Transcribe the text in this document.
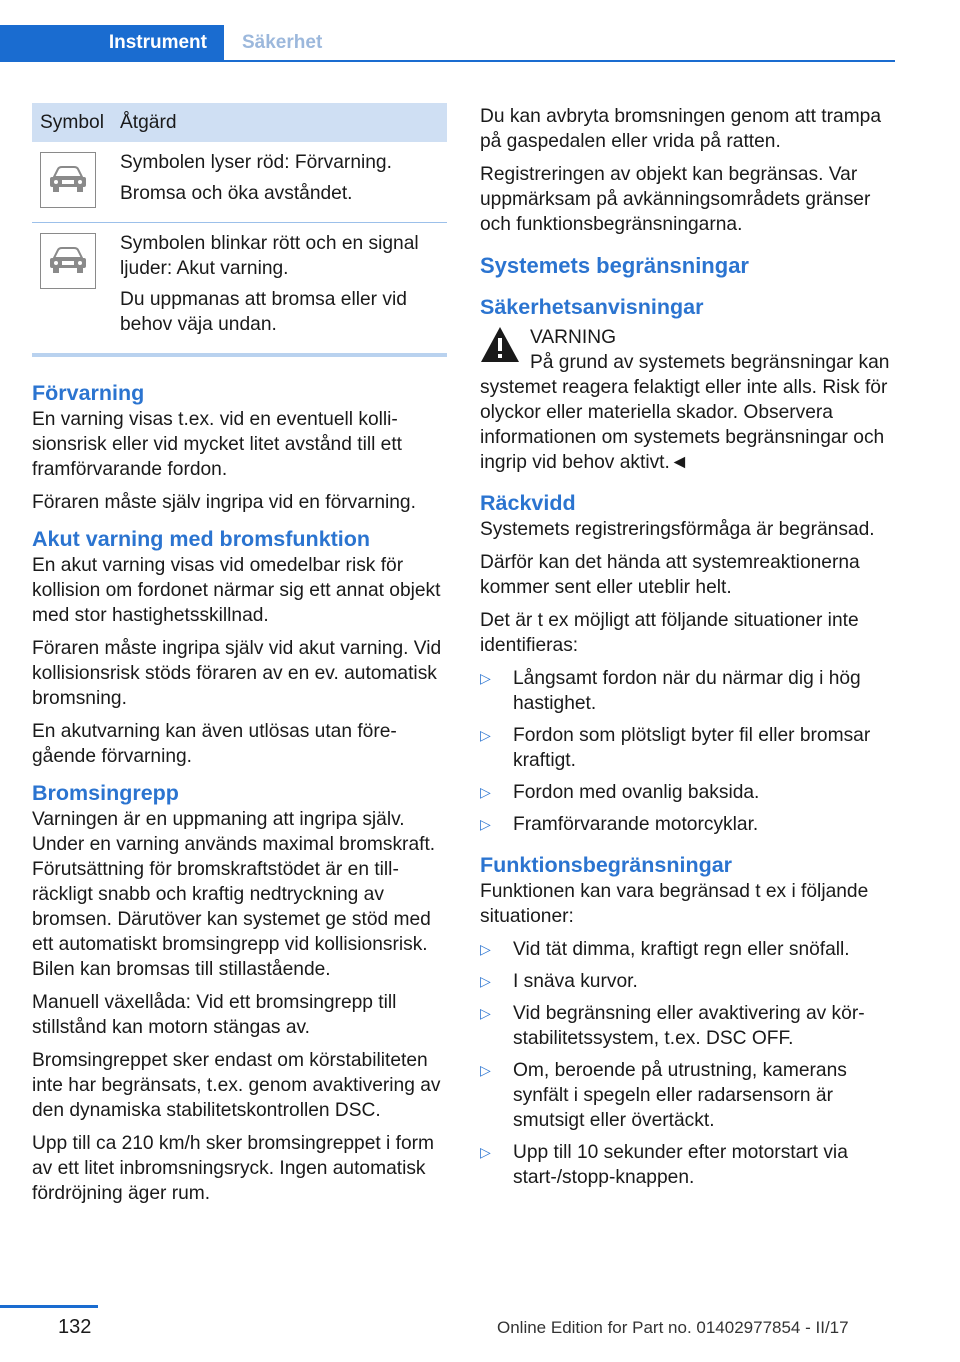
Instrument	Säkerhet
Symbol	Åtgärd

Symbolen lyser röd: Förvarning.

Bromsa och öka avståndet.

Symbolen blinkar rött och en signal ljuder: Akut varning.

Du uppmanas att bromsa eller vid behov väja undan.

Förvarning

En varning visas t.ex. vid en eventuell kollisionsrisk eller vid mycket litet avstånd till ett framförvarande fordon.

Föraren måste själv ingripa vid en förvarning.

Akut varning med bromsfunktion

En akut varning visas vid omedelbar risk för kollision om fordonet närmar sig ett annat objekt med stor hastighetsskillnad.

Föraren måste ingripa själv vid akut varning. Vid kollisionsrisk stöds föraren av en ev. automatisk bromsning.

En akutvarning kan även utlösas utan föregående förvarning.

Bromsingrepp

Varningen är en uppmaning att ingripa själv. Under en varning används maximal bromskraft. Förutsättning för bromskraftstödet är en tillräckligt snabb och kraftig nedtryckning av bromsen. Därutöver kan systemet ge stöd med ett automatiskt bromsingrepp vid kollisionsrisk. Bilen kan bromsas till stillastående.

Manuell växellåda: Vid ett bromsingrepp till stillstånd kan motorn stängas av.

Bromsingreppet sker endast om körstabiliteten inte har begränsats, t.ex. genom avaktivering av den dynamiska stabilitetskontrollen DSC.

Upp till ca 210 km/h sker bromsingreppet i form av ett litet inbromsningsryck. Ingen automatisk fördröjning äger rum.

Du kan avbryta bromsningen genom att trampa på gaspedalen eller vrida på ratten.

Registreringen av objekt kan begränsas. Var uppmärksam på avkänningsområdets gränser och funktionsbegränsningarna.

Systemets begränsningar
Säkerhetsanvisningar
VARNING

På grund av systemets begränsningar kan systemet reagera felaktigt eller inte alls. Risk för olyckor eller materiella skador. Observera informationen om systemets begränsningar och ingrip vid behov aktivt.◄

Räckvidd

Systemets registreringsförmåga är begränsad.

Därför kan det hända att systemreaktionerna kommer sent eller uteblir helt.

Det är t ex möjligt att följande situationer inte identifieras:

▷ Långsamt fordon när du närmar dig i hög hastighet.
▷ Fordon som plötsligt byter fil eller bromsar kraftigt.
▷ Fordon med ovanlig baksida.
▷ Framförvarande motorcyklar.
Funktionsbegränsningar

Funktionen kan vara begränsad t ex i följande situationer:

▷ Vid tät dimma, kraftigt regn eller snöfall.
▷ I snäva kurvor.
▷ Vid begränsning eller avaktivering av körstabilitetssystem, t.ex. DSC OFF.
▷ Om, beroende på utrustning, kamerans synfält i spegeln eller radarsensorn är smutsigt eller övertäckt.
▷ Upp till 10 sekunder efter motorstart via start-/stopp-knappen.
132	Online Edition for Part no. 01402977854 - II/17
